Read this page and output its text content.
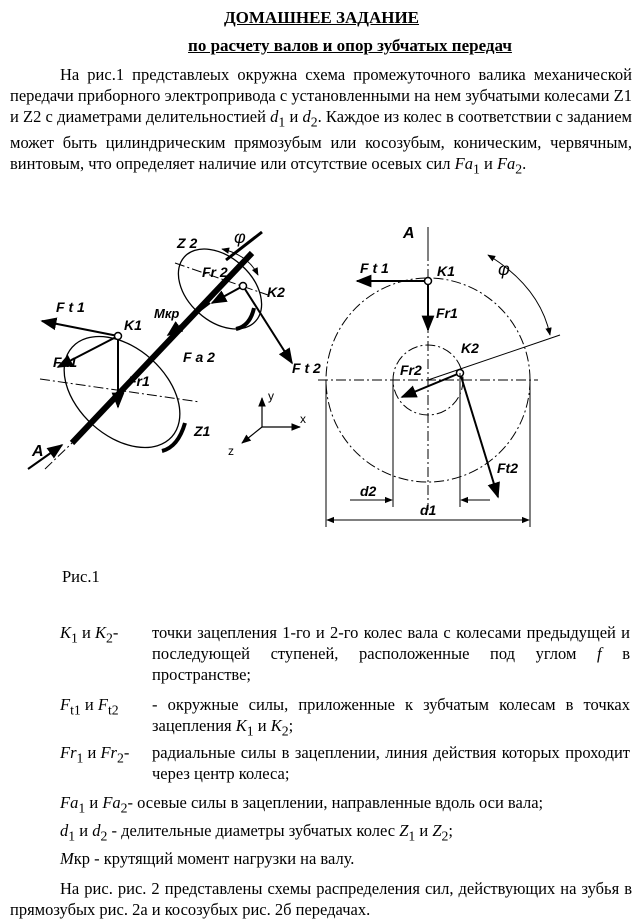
ДОМАШНЕЕ ЗАДАНИЕ
по расчету валов и опор зубчатых передач
На рис.1 представлеых окружна схема промежуточного валика механической передачи приборного электропривода с установленными на нем зубчатыми колесами Z1 и Z2 с диаметрами делительностией $d_1$ и $d_2$. Каждое из колес в соответствии с заданием может быть цилиндрическим прямозубым или косозубым, коническим, червячным, винтовым, что определяет наличие или отсутствие осевых сил $Fa_1$ и $Fa_2$.
Z 2 φ
Fr 2
K2
Mкр
F a 2
F t 2
F t 1
K1
Fa1
Fr1
Z1
A
y
x
z
A
F t 1	K1 φ
Fr1
K2
Fr2
Ft2
d2
d1
Рис.1
$K_1$ и $K_2-$ точки зацепления 1-го и 2-го колес вала с колесами предыдущей и последующей ступеней, расположенные под углом f в пространстве;
$F_{t1}$ и $F_{t2}$ - окружные силы, приложенные к зубчатым колесам в точках зацепления $K_1$ и $K_2$;
$Fr_1$ и $Fr_2-$ радиальные силы в зацеплении, линия действия которых проходит через центр колеса;
$Fa_1$ и $Fa_2-$ осевые силы в зацеплении, направленные вдоль оси вала;
$d_1$ и $d_2$ - делительные диаметры зубчатых колес $Z_1$ и $Z_2$;
Mкр - крутящий момент нагрузки на валу.
На рис. рис. 2 представлены схемы распределения сил, действующих на зубья в прямозубых рис. 2а и косозубых рис. 2б передачах.
